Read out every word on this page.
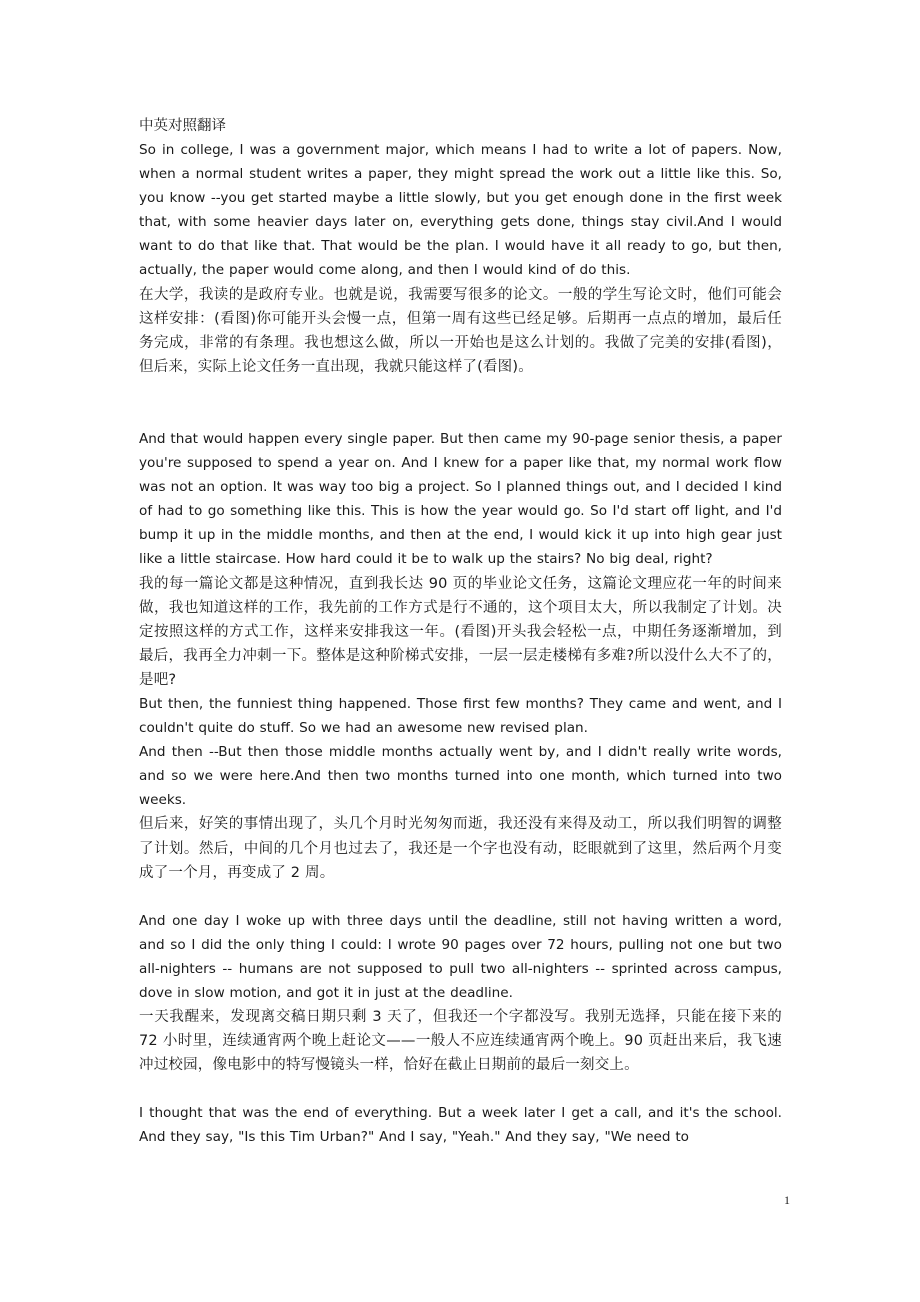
中英对照翻译

So in college, I was a government major, which means I had to write a lot of papers. Now, when a normal student writes a paper, they might spread the work out a little like this. So, you know --you get started maybe a little slowly, but you get enough done in the first week that, with some heavier days later on, everything gets done, things stay civil.And I would want to do that like that. That would be the plan. I would have it all ready to go, but then, actually, the paper would come along, and then I would kind of do this.

在大学，我读的是政府专业。也就是说，我需要写很多的论文。一般的学生写论文时，他们可能会这样安排：(看图)你可能开头会慢一点，但第一周有这些已经足够。后期再一点点的增加，最后任务完成，非常的有条理。我也想这么做，所以一开始也是这么计划的。我做了完美的安排(看图)，但后来，实际上论文任务一直出现，我就只能这样了(看图)。

And that would happen every single paper. But then came my 90-page senior thesis, a paper you're supposed to spend a year on. And I knew for a paper like that, my normal work flow was not an option. It was way too big a project. So I planned things out, and I decided I kind of had to go something like this. This is how the year would go. So I'd start off light, and I'd bump it up in the middle months, and then at the end, I would kick it up into high gear just like a little staircase. How hard could it be to walk up the stairs? No big deal, right?

我的每一篇论文都是这种情况，直到我长达 90 页的毕业论文任务，这篇论文理应花一年的时间来做，我也知道这样的工作，我先前的工作方式是行不通的，这个项目太大，所以我制定了计划。决定按照这样的方式工作，这样来安排我这一年。(看图)开头我会轻松一点，中期任务逐渐增加，到最后，我再全力冲刺一下。整体是这种阶梯式安排，一层一层走楼梯有多难?所以没什么大不了的，是吧?

But then, the funniest thing happened. Those first few months? They came and went, and I couldn't quite do stuff. So we had an awesome new revised plan.

And then --But then those middle months actually went by, and I didn't really write words, and so we were here.And then two months turned into one month, which turned into two weeks.

但后来，好笑的事情出现了，头几个月时光匆匆而逝，我还没有来得及动工，所以我们明智的调整了计划。然后，中间的几个月也过去了，我还是一个字也没有动，眨眼就到了这里，然后两个月变成了一个月，再变成了 2 周。

And one day I woke up with three days until the deadline, still not having written a word, and so I did the only thing I could: I wrote 90 pages over 72 hours, pulling not one but two all-nighters -- humans are not supposed to pull two all-nighters -- sprinted across campus, dove in slow motion, and got it in just at the deadline.

一天我醒来，发现离交稿日期只剩 3 天了，但我还一个字都没写。我别无选择，只能在接下来的 72 小时里，连续通宵两个晚上赶论文——一般人不应连续通宵两个晚上。90 页赶出来后，我飞速冲过校园，像电影中的特写慢镜头一样，恰好在截止日期前的最后一刻交上。

I thought that was the end of everything. But a week later I get a call, and it's the school. And they say, "Is this Tim Urban?" And I say, "Yeah." And they say, "We need to

1
